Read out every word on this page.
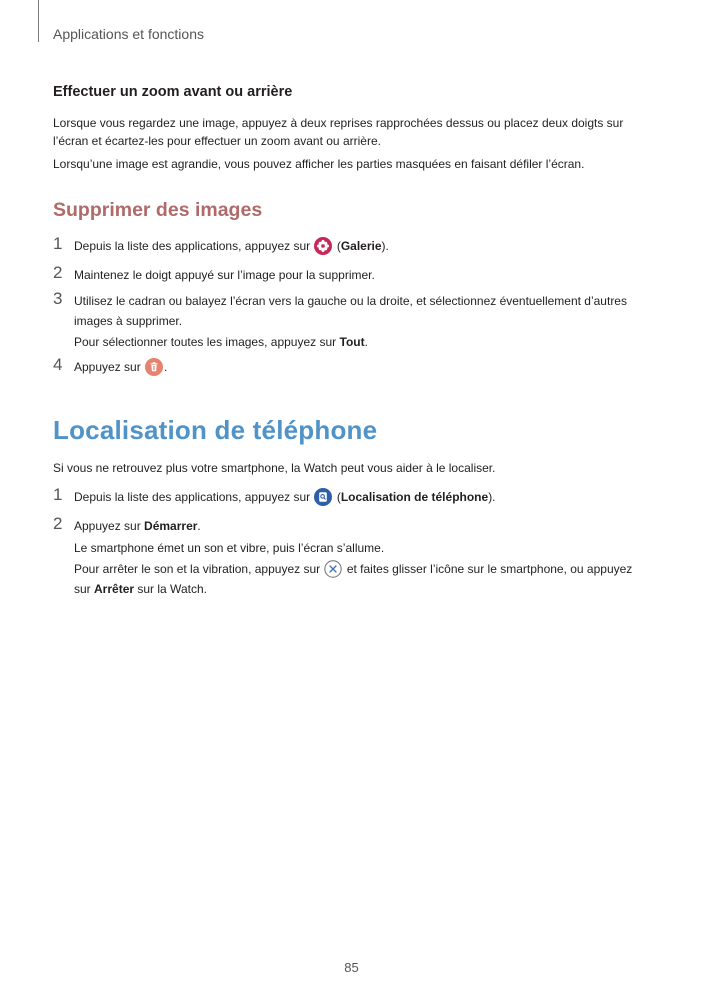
Applications et fonctions
Effectuer un zoom avant ou arrière
Lorsque vous regardez une image, appuyez à deux reprises rapprochées dessus ou placez deux doigts sur
l’écran et écartez-les pour effectuer un zoom avant ou arrière.
Lorsqu’une image est agrandie, vous pouvez afficher les parties masquées en faisant défiler l’écran.
Supprimer des images
1 Depuis la liste des applications, appuyez sur
(Galerie).
2 Maintenez le doigt appuyé sur l’image pour la supprimer.
3 Utilisez le cadran ou balayez l’écran vers la gauche ou la droite, et sélectionnez éventuellement d’autres
images à supprimer.
Pour sélectionner toutes les images, appuyez sur Tout.
4 Appuyez sur .
Localisation de téléphone
Si vous ne retrouvez plus votre smartphone, la Watch peut vous aider à le localiser.
1 Depuis la liste des applications, appuyez sur
(Localisation de téléphone).
2 Appuyez sur Démarrer.
Le smartphone émet un son et vibre, puis l’écran s’allume.
Pour arrêter le son et la vibration, appuyez sur
et faites glisser l’icône sur le smartphone, ou appuyez
sur Arrêter sur la Watch.
85
